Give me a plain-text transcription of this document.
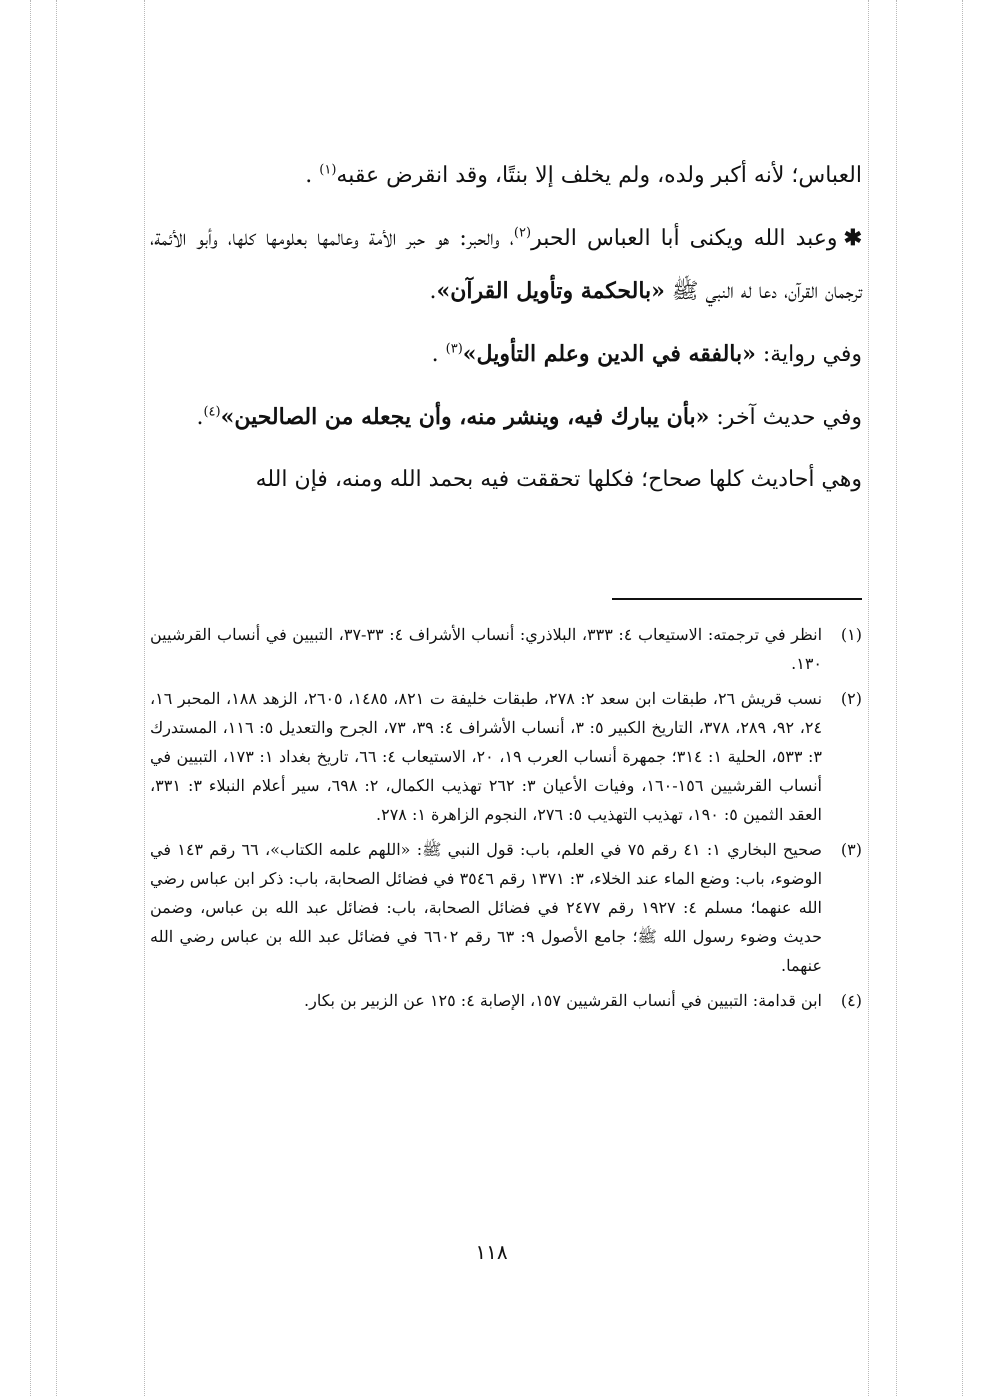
العباس؛ لأنه أكبر ولده، ولم يخلف إلا بنتًا، وقد انقرض عقبه$^{(١)}$ .

✱وعبد الله ويكنى أبا العباس الحبر$^{(٢)}$، والحبر: هو حبر الأمة وعالمها بعلومها كلها، وأبو الأئمة، ترجمان القرآن، دعا له النبي ﷺ «بالحكمة وتأويل القرآن».

وفي رواية: «بالفقه في الدين وعلم التأويل»$^{(٣)}$ .

وفي حديث آخر: «بأن يبارك فيه، وينشر منه، وأن يجعله من الصالحين»$^{(٤)}$.

وهي أحاديث كلها صحاح؛ فكلها تحققت فيه بحمد الله ومنه، فإن الله

(١)
انظر في ترجمته: الاستيعاب ٤: ٣٣٣، البلاذري: أنساب الأشراف ٤: ٣٣-٣٧، التبيين في أنساب القرشيين ١٣٠.
(٢)
نسب قريش ٢٦، طبقات ابن سعد ٢: ٢٧٨، طبقات خليفة ت ٨٢١، ١٤٨٥، ٢٦٠٥، الزهد ١٨٨، المحبر ١٦، ٢٤، ٩٢، ٢٨٩، ٣٧٨، التاريخ الكبير ٥: ٣، أنساب الأشراف ٤: ٣٩، ٧٣، الجرح والتعديل ٥: ١١٦، المستدرك ٣: ٥٣٣، الحلية ١: ٣١٤؛ جمهرة أنساب العرب ١٩، ٢٠، الاستيعاب ٤: ٦٦، تاريخ بغداد ١: ١٧٣، التبيين في أنساب القرشيين ١٥٦-١٦٠، وفيات الأعيان ٣: ٢٦٢ تهذيب الكمال، ٢: ٦٩٨، سير أعلام النبلاء ٣: ٣٣١، العقد الثمين ٥: ١٩٠، تهذيب التهذيب ٥: ٢٧٦، النجوم الزاهرة ١: ٢٧٨.
(٣)
صحيح البخاري ١: ٤١ رقم ٧٥ في العلم، باب: قول النبي ﷺ: «اللهم علمه الكتاب»، ٦٦ رقم ١٤٣ في الوضوء، باب: وضع الماء عند الخلاء، ٣: ١٣٧١ رقم ٣٥٤٦ في فضائل الصحابة، باب: ذكر ابن عباس رضي الله عنهما؛ مسلم ٤: ١٩٢٧ رقم ٢٤٧٧ في فضائل الصحابة، باب: فضائل عبد الله بن عباس، وضمن حديث وضوء رسول الله ﷺ؛ جامع الأصول ٩: ٦٣ رقم ٦٦٠٢ في فضائل عبد الله بن عباس رضي الله عنهما.
(٤)
ابن قدامة: التبيين في أنساب القرشيين ١٥٧، الإصابة ٤: ١٢٥ عن الزبير بن بكار.
١١٨
